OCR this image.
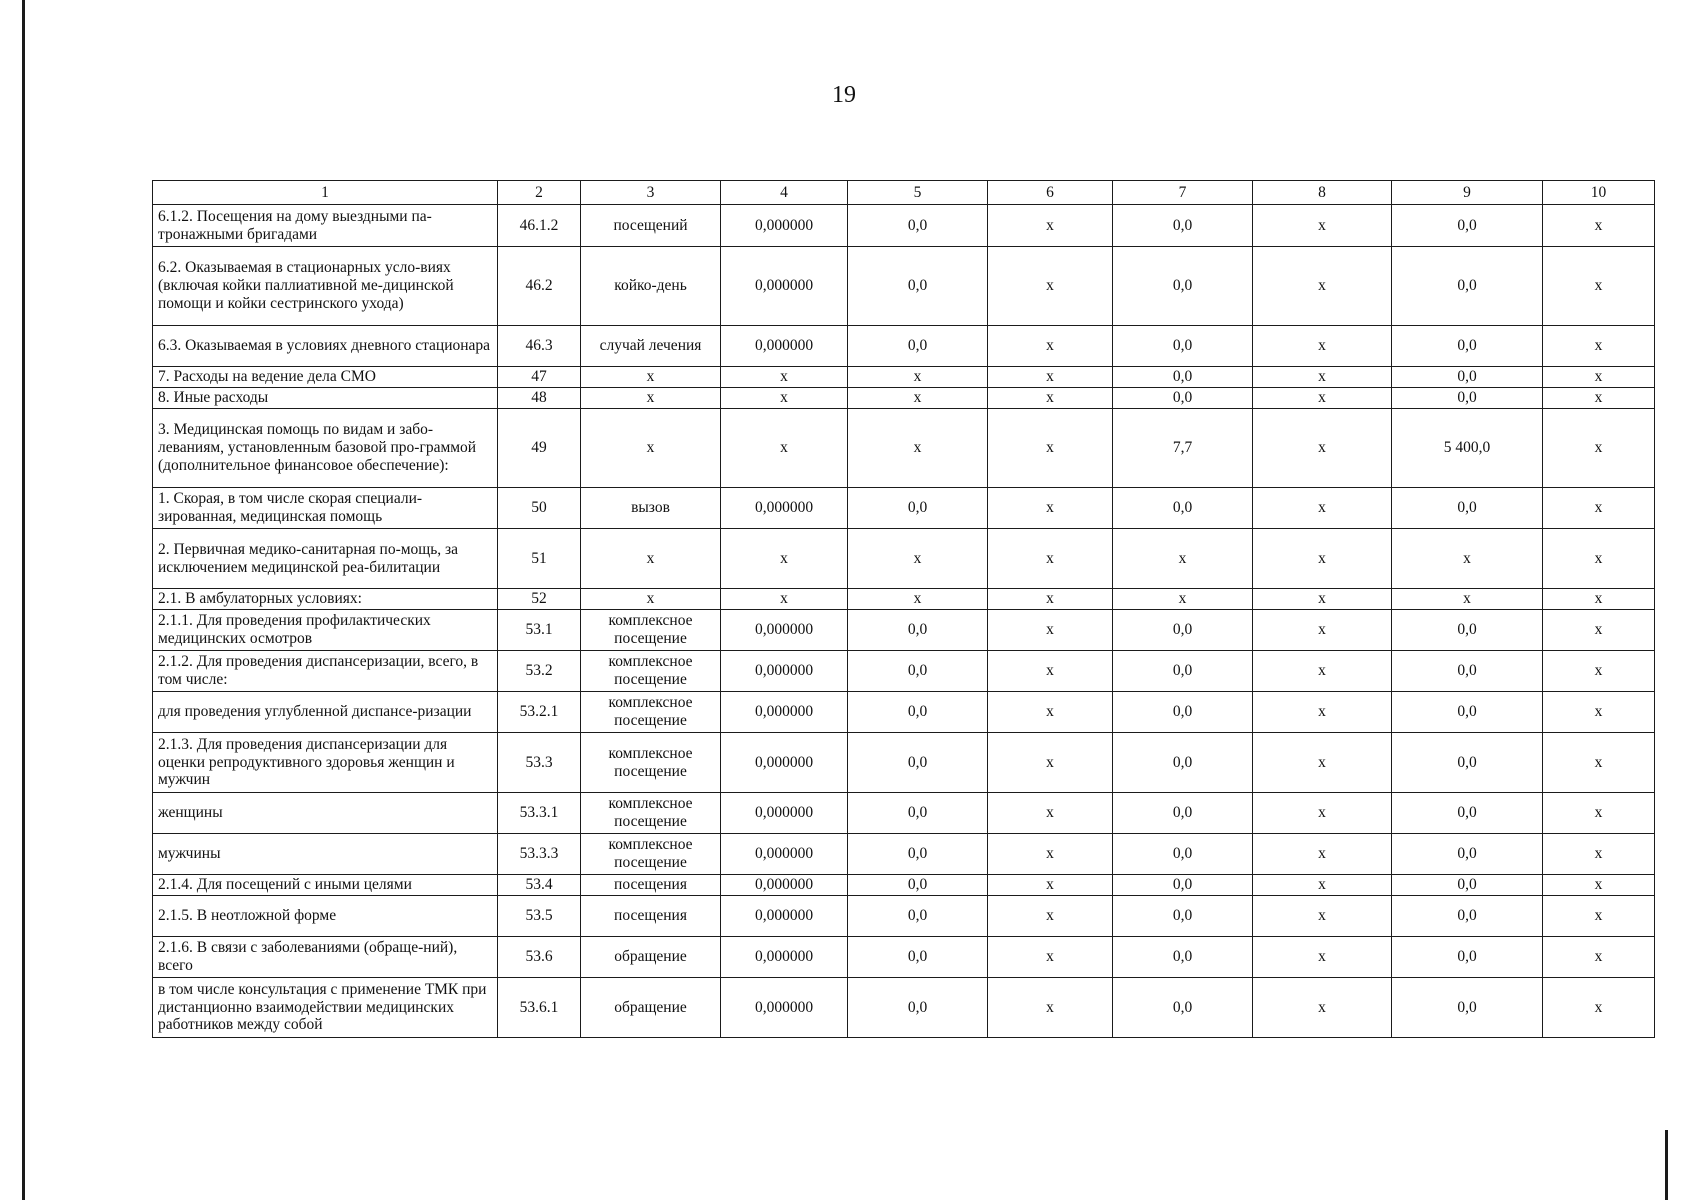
19
1	2	3	4	5	6	7	8	9	10
6.1.2. Посещения на дому выездными па-тронажными бригадами	46.1.2	посещений	0,000000	0,0	x	0,0	x	0,0	x
6.2. Оказываемая в стационарных усло-виях (включая койки паллиативной ме-дицинской помощи и койки сестринского ухода)	46.2	койко-день	0,000000	0,0	x	0,0	x	0,0	x
6.3. Оказываемая в условиях дневного стационара	46.3	случай лечения	0,000000	0,0	x	0,0	x	0,0	x
7. Расходы на ведение дела СМО	47	x	x	x	x	0,0	x	0,0	x
8. Иные расходы	48	x	x	x	x	0,0	x	0,0	x
3. Медицинская помощь по видам и забо-леваниям, установленным базовой про-граммой (дополнительное финансовое обеспечение):	49	x	x	x	x	7,7	x	5 400,0	x
1. Скорая, в том числе скорая специали-зированная, медицинская помощь	50	вызов	0,000000	0,0	x	0,0	x	0,0	x
2. Первичная медико-санитарная по-мощь, за исключением медицинской реа-билитации	51	x	x	x	x	x	x	x	x
2.1. В амбулаторных условиях:	52	x	x	x	x	x	x	x	x
2.1.1. Для проведения профилактических медицинских осмотров	53.1	комплексное посещение	0,000000	0,0	x	0,0	x	0,0	x
2.1.2. Для проведения диспансеризации, всего, в том числе:	53.2	комплексное посещение	0,000000	0,0	x	0,0	x	0,0	x
для проведения углубленной диспансе-ризации	53.2.1	комплексное посещение	0,000000	0,0	x	0,0	x	0,0	x
2.1.3. Для проведения диспансеризации для оценки репродуктивного здоровья женщин и мужчин	53.3	комплексное посещение	0,000000	0,0	x	0,0	x	0,0	x
женщины	53.3.1	комплексное посещение	0,000000	0,0	x	0,0	x	0,0	x
мужчины	53.3.3	комплексное посещение	0,000000	0,0	x	0,0	x	0,0	x
2.1.4. Для посещений с иными целями	53.4	посещения	0,000000	0,0	x	0,0	x	0,0	x
2.1.5. В неотложной форме	53.5	посещения	0,000000	0,0	x	0,0	x	0,0	x
2.1.6. В связи с заболеваниями (обраще-ний), всего	53.6	обращение	0,000000	0,0	x	0,0	x	0,0	x
в том числе консультация с применение ТМК при дистанционно взаимодействии медицинских работников между собой	53.6.1	обращение	0,000000	0,0	x	0,0	x	0,0	x
